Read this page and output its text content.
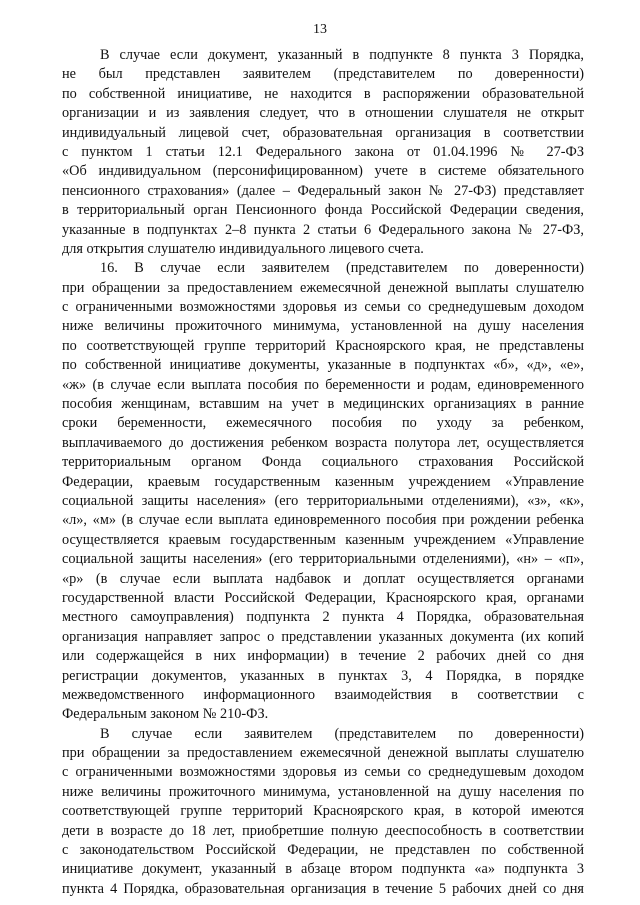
13
В случае если документ, указанный в подпункте 8 пункта 3 Порядка,
не был представлен заявителем (представителем по доверенности)
по собственной инициативе, не находится в распоряжении образовательной
организации и из заявления следует, что в отношении слушателя не открыт
индивидуальный лицевой счет, образовательная организация в соответствии
с пунктом 1 статьи 12.1 Федерального закона от 01.04.1996 № 27-ФЗ
«Об индивидуальном (персонифицированном) учете в системе обязательного
пенсионного страхования» (далее – Федеральный закон № 27-ФЗ) представляет
в территориальный орган Пенсионного фонда Российской Федерации сведения,
указанные в подпунктах 2–8 пункта 2 статьи 6 Федерального закона № 27-ФЗ,
для открытия слушателю индивидуального лицевого счета.
16. В случае если заявителем (представителем по доверенности)
при обращении за предоставлением ежемесячной денежной выплаты слушателю
с ограниченными возможностями здоровья из семьи со среднедушевым доходом
ниже величины прожиточного минимума, установленной на душу населения
по соответствующей группе территорий Красноярского края, не представлены
по собственной инициативе документы, указанные в подпунктах «б», «д», «е»,
«ж» (в случае если выплата пособия по беременности и родам, единовременного
пособия женщинам, вставшим на учет в медицинских организациях в ранние
сроки беременности, ежемесячного пособия по уходу за ребенком,
выплачиваемого до достижения ребенком возраста полутора лет, осуществляется
территориальным органом Фонда социального страхования Российской
Федерации, краевым государственным казенным учреждением «Управление
социальной защиты населения» (его территориальными отделениями), «з», «к»,
«л», «м» (в случае если выплата единовременного пособия при рождении ребенка
осуществляется краевым государственным казенным учреждением «Управление
социальной защиты населения» (его территориальными отделениями), «н» – «п»,
«р» (в случае если выплата надбавок и доплат осуществляется органами
государственной власти Российской Федерации, Красноярского края, органами
местного самоуправления) подпункта 2 пункта 4 Порядка, образовательная
организация направляет запрос о представлении указанных документа (их копий
или содержащейся в них информации) в течение 2 рабочих дней со дня
регистрации документов, указанных в пунктах 3, 4 Порядка, в порядке
межведомственного информационного взаимодействия в соответствии с
Федеральным законом № 210-ФЗ.
В случае если заявителем (представителем по доверенности)
при обращении за предоставлением ежемесячной денежной выплаты слушателю
с ограниченными возможностями здоровья из семьи со среднедушевым доходом
ниже величины прожиточного минимума, установленной на душу населения по
соответствующей группе территорий Красноярского края, в которой имеются
дети в возрасте до 18 лет, приобретшие полную дееспособность в соответствии
с законодательством Российской Федерации, не представлен по собственной
инициативе документ, указанный в абзаце втором подпункта «а» подпункта 3
пункта 4 Порядка, образовательная организация в течение 5 рабочих дней со дня
